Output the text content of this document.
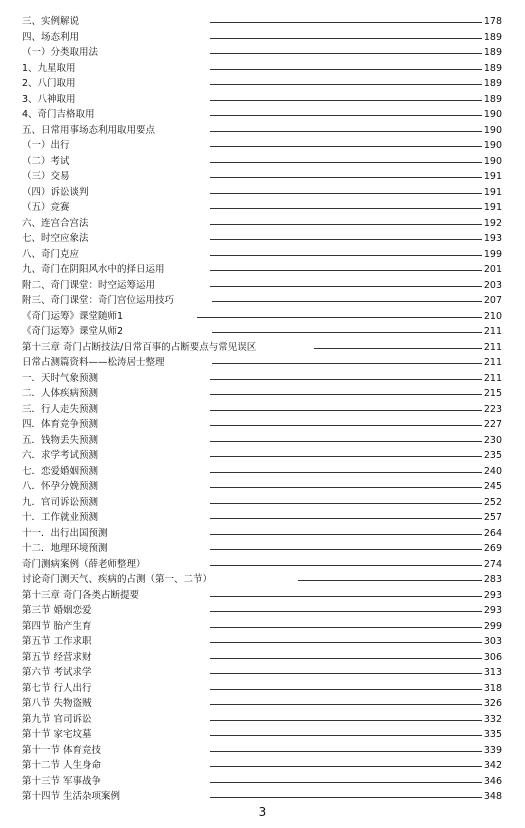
三、实例解说	178
四、场态利用	189
（一）分类取用法	189
1、九星取用	189
2、八门取用	189
3、八神取用	189
4、奇门吉格取用	190
五、日常用事场态利用取用要点	190
（一）出行	190
（二）考试	190
（三）交易	191
（四）诉讼谈判	191
（五）竞赛	191
六、连宫合宫法	192
七、时空应象法	193
八、奇门克应	199
九、奇门在阴阳风水中的择日运用	201
附二、奇门课堂：时空运筹运用	203
附三、奇门课堂：奇门宫位运用技巧	207
《奇门运筹》课堂随师1	210
《奇门运筹》课堂从师2	211
第十三章 奇门占断技法/日常百事的占断要点与常见误区	211
日常占测篇资料——松涛居士整理	211
一．天时气象预测	211
二．人体疾病预测	215
三．行人走失预测	223
四．体育竞争预测	227
五．钱物丢失预测	230
六．求学考试预测	235
七．恋爱婚姻预测	240
八．怀孕分娩预测	245
九．官司诉讼预测	252
十．工作就业预测	257
十一．出行出国预测	264
十二．地理环境预测	269
奇门测病案例（薛老师整理）	274
讨论奇门测天气、疾病的占测（第一、二节）	283
第十三章 奇门各类占断提要	293
第三节 婚姻恋爱	293
第四节 胎产生育	299
第五节 工作求职	303
第五节 经营求财	306
第六节 考试求学	313
第七节 行人出行	318
第八节 失物盗贼	326
第九节 官司诉讼	332
第十节 家宅坟墓	335
第十一节 体育竞技	339
第十二节 人生身命	342
第十三节 军事战争	346
第十四节 生活杂项案例	348
3
